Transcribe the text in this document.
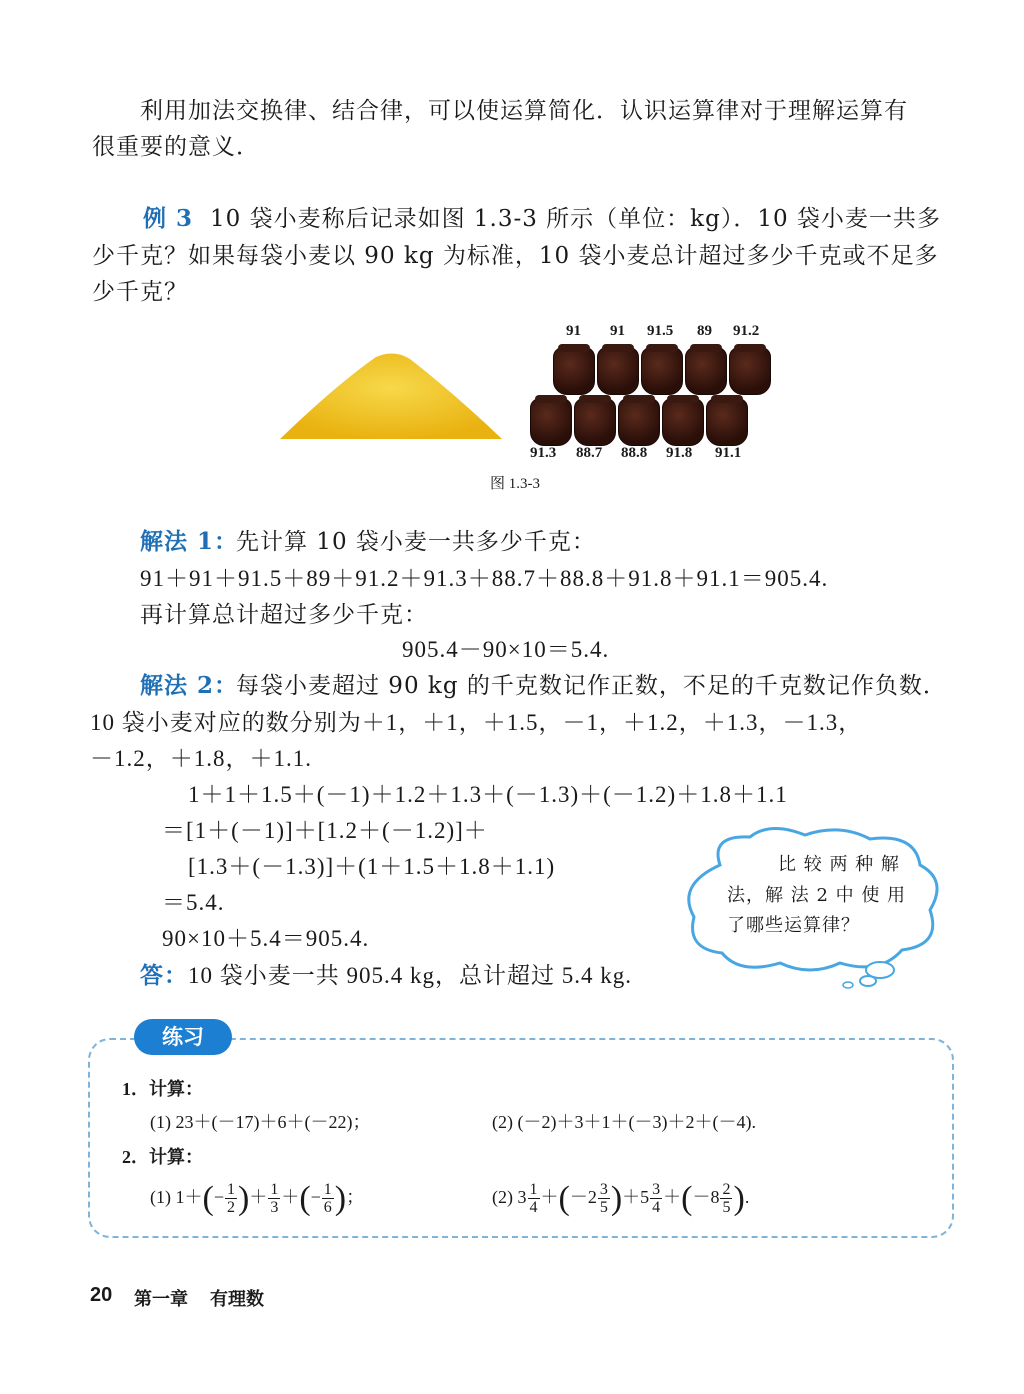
利用加法交换律、结合律，可以使运算简化．认识运算律对于理解运算有
很重要的意义．
例 3 10 袋小麦称后记录如图 1.3-3 所示（单位：kg）．10 袋小麦一共多
少千克？如果每袋小麦以 90 kg 为标准，10 袋小麦总计超过多少千克或不足多
少千克？
91 91 91.5 89 91.2
91.3 88.7 88.8 91.8 91.1
图 1.3-3
解法 1：
先计算 10 袋小麦一共多少千克：
91＋91＋91.5＋89＋91.2＋91.3＋88.7＋88.8＋91.8＋91.1＝905.4.
再计算总计超过多少千克：
905.4－90×10＝5.4.
解法 2：
每袋小麦超过 90 kg 的千克数记作正数，不足的千克数记作负数．
10 袋小麦对应的数分别为＋1，＋1，＋1.5，－1，＋1.2，＋1.3，－1.3，
－1.2，＋1.8，＋1.1.
1＋1＋1.5＋(－1)＋1.2＋1.3＋(－1.3)＋(－1.2)＋1.8＋1.1
＝[1＋(－1)]＋[1.2＋(－1.2)]＋
[1.3＋(－1.3)]＋(1＋1.5＋1.8＋1.1)
＝5.4.
90×10＋5.4＝905.4.
答： 10 袋小麦一共 905.4 kg，总计超过 5.4 kg.
比 较 两 种 解
法，解 法 2 中 使 用
了哪些运算律？
练习
1．计算：
(1) 23＋(－17)＋6＋(－22)；	(2) (－2)＋3＋1＋(－3)＋2＋(－4).
2．计算：
(1) $1+(- \frac{1}{2}$ )＋ $\frac{1}{3}$ ＋(− $\frac{1}{6}$ )；	(2) $3 \frac{1}{4} +(-2 \frac{3}{5} )+5 \frac{3}{4} +(-8 \frac{2}{5}$ ).
20 第一章 有理数
